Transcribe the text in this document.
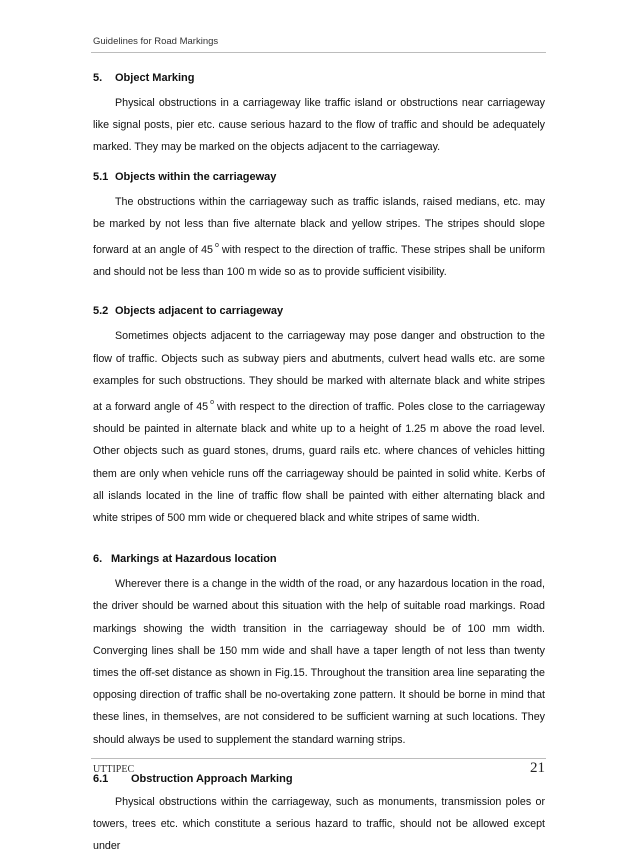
Guidelines for Road Markings
5. Object Marking

Physical obstructions in a carriageway like traffic island or obstructions near carriageway like signal posts, pier etc. cause serious hazard to the flow of traffic and should be adequately marked. They may be marked on the objects adjacent to the carriageway.

5.1 Objects within the carriageway

The obstructions within the carriageway such as traffic islands, raised medians, etc. may be marked by not less than five alternate black and yellow stripes. The stripes should slope forward at an angle of 45 $^o$ with respect to the direction of traffic. These stripes shall be uniform and should not be less than 100 m wide so as to provide sufficient visibility.

5.2 Objects adjacent to carriageway

Sometimes objects adjacent to the carriageway may pose danger and obstruction to the flow of traffic. Objects such as subway piers and abutments, culvert head walls etc. are some examples for such obstructions. They should be marked with alternate black and white stripes at a forward angle of 45 $^o$ with respect to the direction of traffic. Poles close to the carriageway should be painted in alternate black and white up to a height of 1.25 m above the road level. Other objects such as guard stones, drums, guard rails etc. where chances of vehicles hitting them are only when vehicle runs off the carriageway should be painted in solid white. Kerbs of all islands located in the line of traffic flow shall be painted with either alternating black and white stripes of 500 mm wide or chequered black and white stripes of same width.

6. Markings at Hazardous location

Wherever there is a change in the width of the road, or any hazardous location in the road, the driver should be warned about this situation with the help of suitable road markings. Road markings showing the width transition in the carriageway should be of 100 mm width. Converging lines shall be 150 mm wide and shall have a taper length of not less than twenty times the off-set distance as shown in Fig.15. Throughout the transition area line separating the opposing direction of traffic shall be no-overtaking zone pattern. It should be borne in mind that these lines, in themselves, are not considered to be sufficient warning at such locations. They should always be used to supplement the standard warning strips.

6.1 Obstruction Approach Marking

Physical obstructions within the carriageway, such as monuments, transmission poles or towers, trees etc. which constitute a serious hazard to traffic, should not be allowed except under

UTTIPEC	21
